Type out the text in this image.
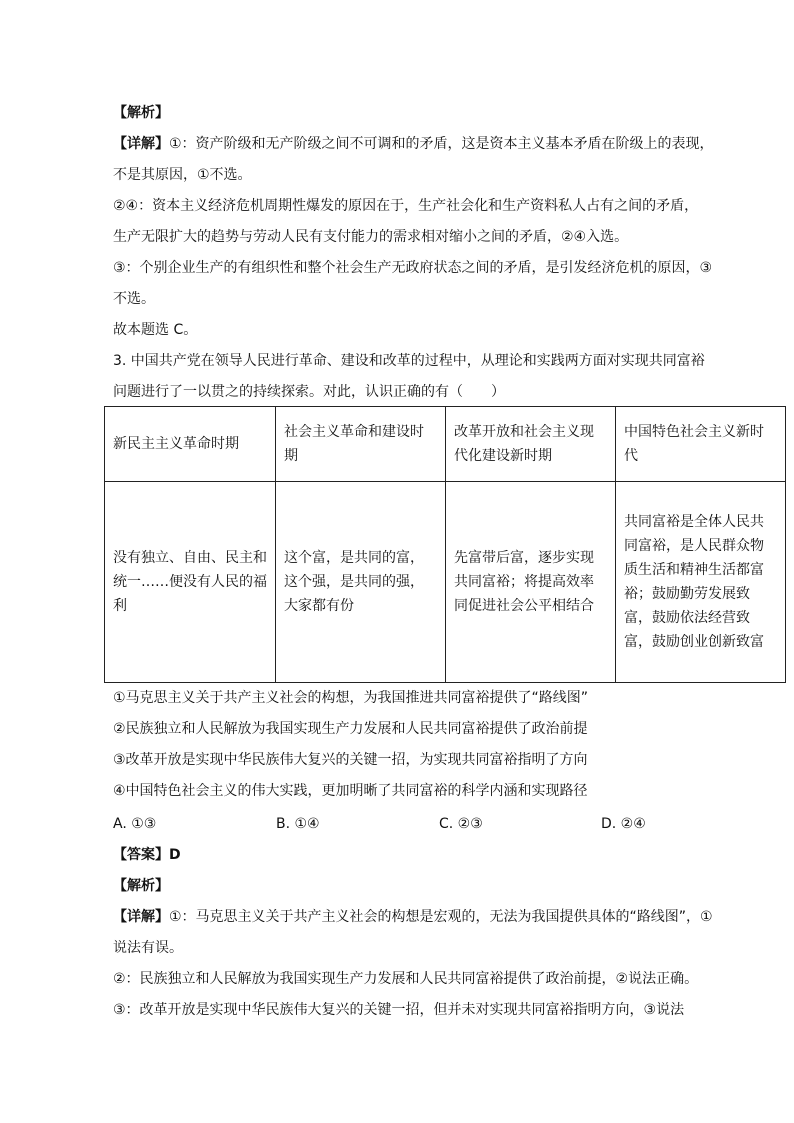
【解析】
【详解】①：资产阶级和无产阶级之间不可调和的矛盾，这是资本主义基本矛盾在阶级上的表现，
不是其原因，①不选。
②④：资本主义经济危机周期性爆发的原因在于，生产社会化和生产资料私人占有之间的矛盾，
生产无限扩大的趋势与劳动人民有支付能力的需求相对缩小之间的矛盾，②④入选。
③：个别企业生产的有组织性和整个社会生产无政府状态之间的矛盾，是引发经济危机的原因，③
不选。
故本题选 C。
3. 中国共产党在领导人民进行革命、建设和改革的过程中，从理论和实践两方面对实现共同富裕
问题进行了一以贯之的持续探索。对此，认识正确的有（　　）
新民主主义革命时期	社会主义革命和建设时期	改革开放和社会主义现代化建设新时期	中国特色社会主义新时代
没有独立、自由、民主和统一……便没有人民的福利	这个富，是共同的富，这个强，是共同的强，大家都有份	先富带后富，逐步实现共同富裕；将提高效率同促进社会公平相结合	共同富裕是全体人民共同富裕，是人民群众物质生活和精神生活都富裕；鼓励勤劳发展致富，鼓励依法经营致富，鼓励创业创新致富
①马克思主义关于共产主义社会的构想，为我国推进共同富裕提供了“路线图”
②民族独立和人民解放为我国实现生产力发展和人民共同富裕提供了政治前提
③改革开放是实现中华民族伟大复兴的关键一招，为实现共同富裕指明了方向
④中国特色社会主义的伟大实践，更加明晰了共同富裕的科学内涵和实现路径
A. ①③	B. ①④	C. ②③	D. ②④
【答案】D
【解析】
【详解】①：马克思主义关于共产主义社会的构想是宏观的，无法为我国提供具体的“路线图”，①
说法有误。
②：民族独立和人民解放为我国实现生产力发展和人民共同富裕提供了政治前提，②说法正确。
③：改革开放是实现中华民族伟大复兴的关键一招，但并未对实现共同富裕指明方向，③说法
